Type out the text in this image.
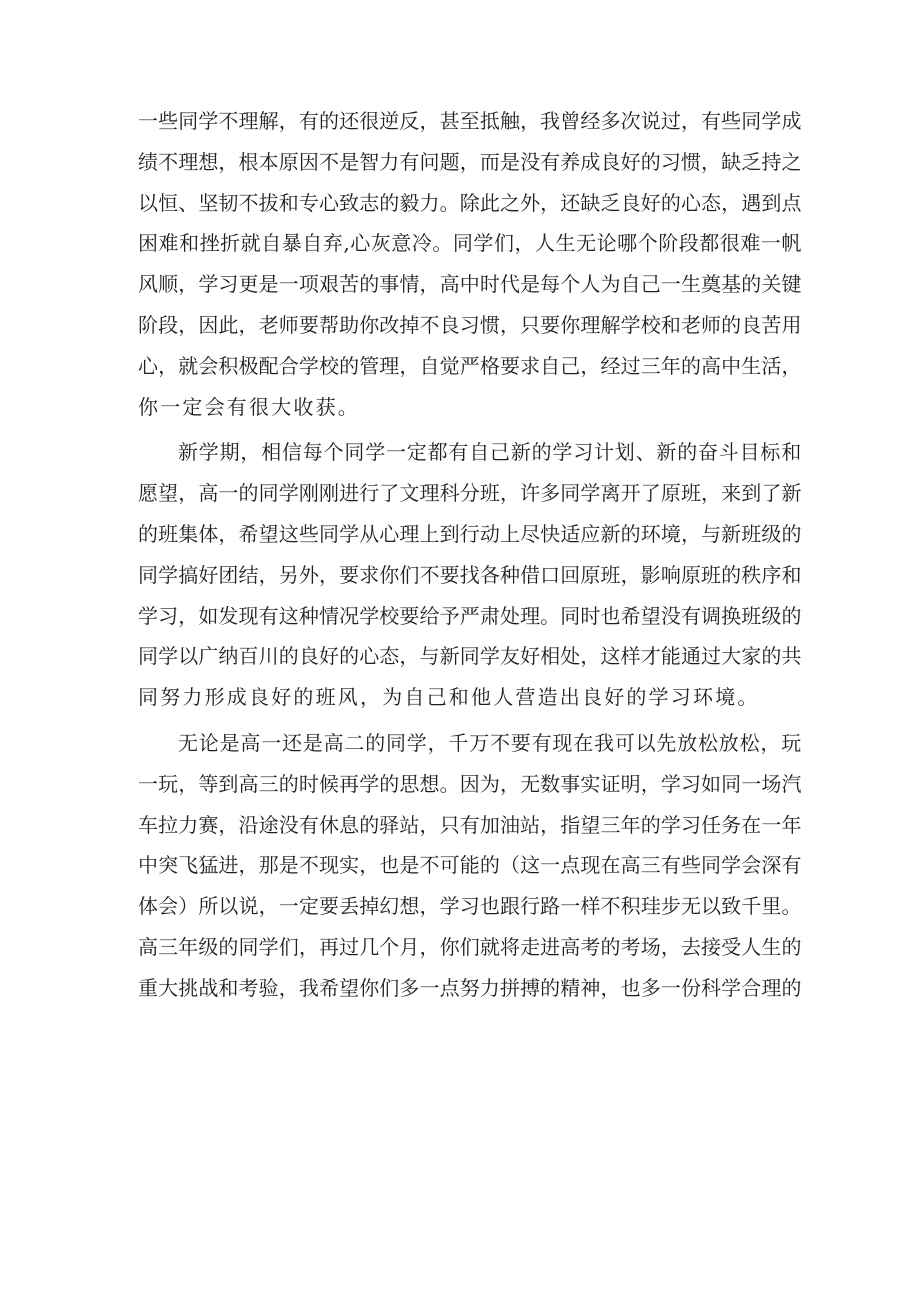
一些同学不理解，有的还很逆反，甚至抵触，我曾经多次说过，有些同学成
绩不理想，根本原因不是智力有问题，而是没有养成良好的习惯，缺乏持之
以恒、坚韧不拔和专心致志的毅力。除此之外，还缺乏良好的心态，遇到点
困难和挫折就自暴自弃,心灰意冷。同学们，人生无论哪个阶段都很难一帆
风顺，学习更是一项艰苦的事情，高中时代是每个人为自己一生奠基的关键
阶段，因此，老师要帮助你改掉不良习惯，只要你理解学校和老师的良苦用
心，就会积极配合学校的管理，自觉严格要求自己，经过三年的高中生活，
你一定会有很大收获。

新学期，相信每个同学一定都有自己新的学习计划、新的奋斗目标和
愿望，高一的同学刚刚进行了文理科分班，许多同学离开了原班，来到了新
的班集体，希望这些同学从心理上到行动上尽快适应新的环境，与新班级的
同学搞好团结，另外，要求你们不要找各种借口回原班，影响原班的秩序和
学习，如发现有这种情况学校要给予严肃处理。同时也希望没有调换班级的
同学以广纳百川的良好的心态，与新同学友好相处，这样才能通过大家的共
同努力形成良好的班风，为自己和他人营造出良好的学习环境。

无论是高一还是高二的同学，千万不要有现在我可以先放松放松，玩
一玩，等到高三的时候再学的思想。因为，无数事实证明，学习如同一场汽
车拉力赛，沿途没有休息的驿站，只有加油站，指望三年的学习任务在一年
中突飞猛进，那是不现实，也是不可能的（这一点现在高三有些同学会深有
体会）所以说，一定要丢掉幻想，学习也跟行路一样不积珪步无以致千里。
高三年级的同学们，再过几个月，你们就将走进高考的考场，去接受人生的
重大挑战和考验，我希望你们多一点努力拼搏的精神，也多一份科学合理的
